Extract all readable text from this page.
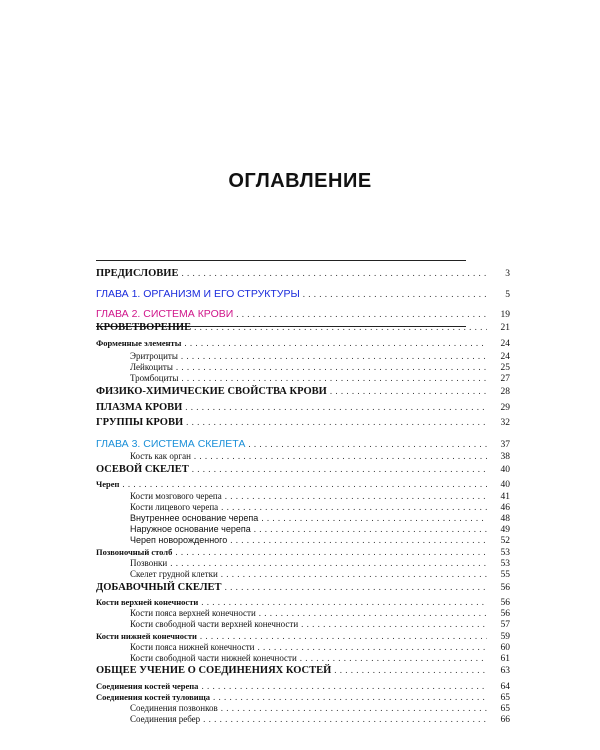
ОГЛАВЛЕНИЕ
ПРЕДИСЛОВИЕ . . .	3
ГЛАВА 1. ОРГАНИЗМ И ЕГО СТРУКТУРЫ . . .	5
ГЛАВА 2. СИСТЕМА КРОВИ . . .	19
КРОВЕТВОРЕНИЕ . . .	21
Форменные элементы . . .	24
Эритроциты . . .	24
Лейкоциты . . .	25
Тромбоциты . . .	27
ФИЗИКО-ХИМИЧЕСКИЕ СВОЙСТВА КРОВИ . . .	28
ПЛАЗМА КРОВИ . . .	29
ГРУППЫ КРОВИ . . .	32
ГЛАВА 3. СИСТЕМА СКЕЛЕТА . . .	37
Кость как орган . . .	38
ОСЕВОЙ СКЕЛЕТ . . .	40
Череп . . .	40
Кости мозгового черепа . . .	41
Кости лицевого черепа . . .	46
Внутреннее основание черепа . . .	48
Наружное основание черепа . . .	49
Череп новорожденного . . .	52
Позвоночный столб . . .	53
Позвонки . . .	53
Скелет грудной клетки . . .	55
ДОБАВОЧНЫЙ СКЕЛЕТ . . .	56
Кости верхней конечности . . .	56
Кости пояса верхней конечности . . .	56
Кости свободной части верхней конечности . . .	57
Кости нижней конечности . . .	59
Кости пояса нижней конечности . . .	60
Кости свободной части нижней конечности . . .	61
ОБЩЕЕ УЧЕНИЕ О СОЕДИНЕНИЯХ КОСТЕЙ . . .	63
Соединения костей черепа . . .	64
Соединения костей туловища . . .	65
Соединения позвонков . . .	65
Соединения ребер . . .	66
